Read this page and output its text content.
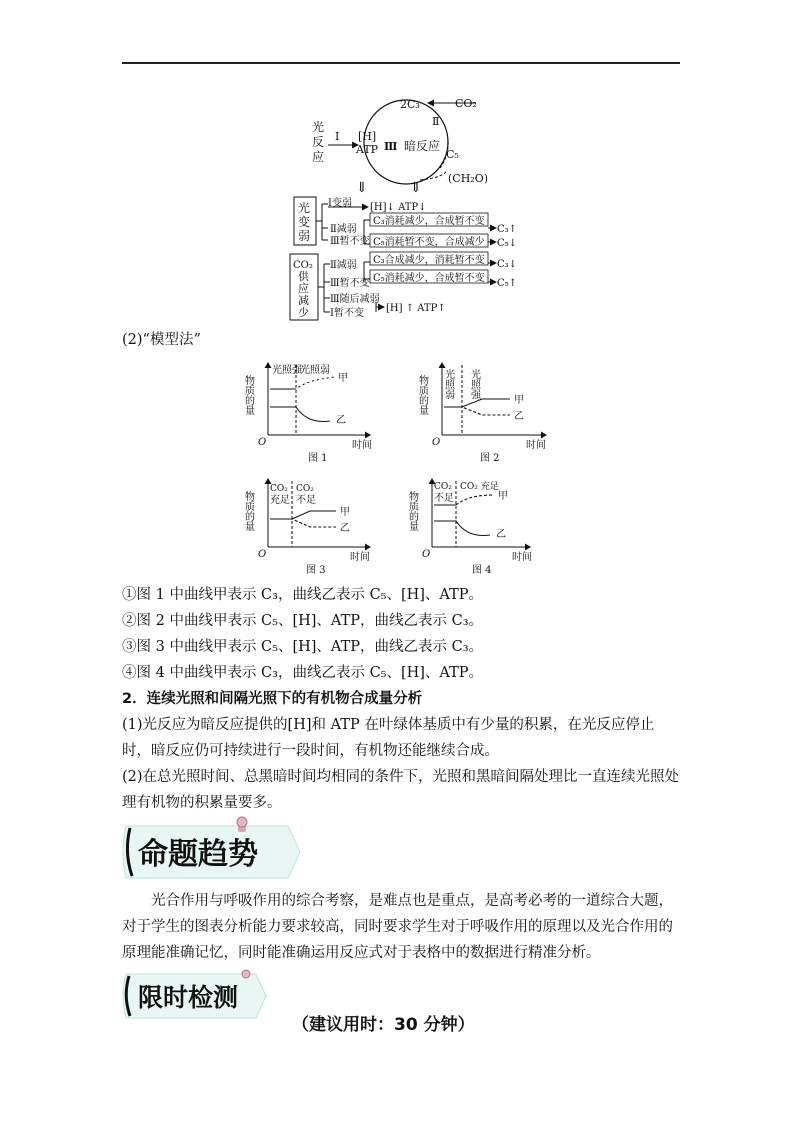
2C₃	CO₂
Ⅱ
Ⅲ 暗反应
C₅
(CH₂O)
光
反
应
Ⅰ [H]
ATP
⇓	⇓
光
变
弱
Ⅰ变弱 [H]↓ ATP↓
Ⅱ减弱
Ⅲ暂不变
C₃消耗减少，合成暂不变
C₅消耗暂不变，合成减少
C₃↑
C₅↓
CO₂
供
应
减
少
Ⅱ减弱
Ⅲ暂不变
C₃合成减少，消耗暂不变
C₅消耗减少，合成暂不变
C₃↓
C₅↑
Ⅲ随后减弱
Ⅰ暂不变 [H] ↑ ATP↑
(2)“模型法”
物质的量
O	时间
图 1
光照强
光照弱
甲
乙
物质的量
O	时间
图 2
光照弱 光照强
甲
乙
物质的量
O	时间
图 3
CO₂
充足
CO₂
不足
甲
乙	物质的量
O	时间
图 4
CO₂
不足
CO₂ 充足
甲
乙
①图 1 中曲线甲表示 C₃，曲线乙表示 C₅、[H]、ATP。
②图 2 中曲线甲表示 C₅、[H]、ATP，曲线乙表示 C₃。
③图 3 中曲线甲表示 C₅、[H]、ATP，曲线乙表示 C₃。
④图 4 中曲线甲表示 C₃，曲线乙表示 C₅、[H]、ATP。
2．连续光照和间隔光照下的有机物合成量分析
(1)光反应为暗反应提供的[H]和 ATP 在叶绿体基质中有少量的积累，在光反应停止时，暗反应仍可持续进行一段时间，有机物还能继续合成。
(2)在总光照时间、总黑暗时间均相同的条件下，光照和黑暗间隔处理比一直连续光照处理有机物的积累量要多。
命题趋势
光合作用与呼吸作用的综合考察，是难点也是重点，是高考必考的一道综合大题，对于学生的图表分析能力要求较高，同时要求学生对于呼吸作用的原理以及光合作用的原理能准确记忆，同时能准确运用反应式对于表格中的数据进行精准分析。
限时检测
（建议用时：30 分钟）
